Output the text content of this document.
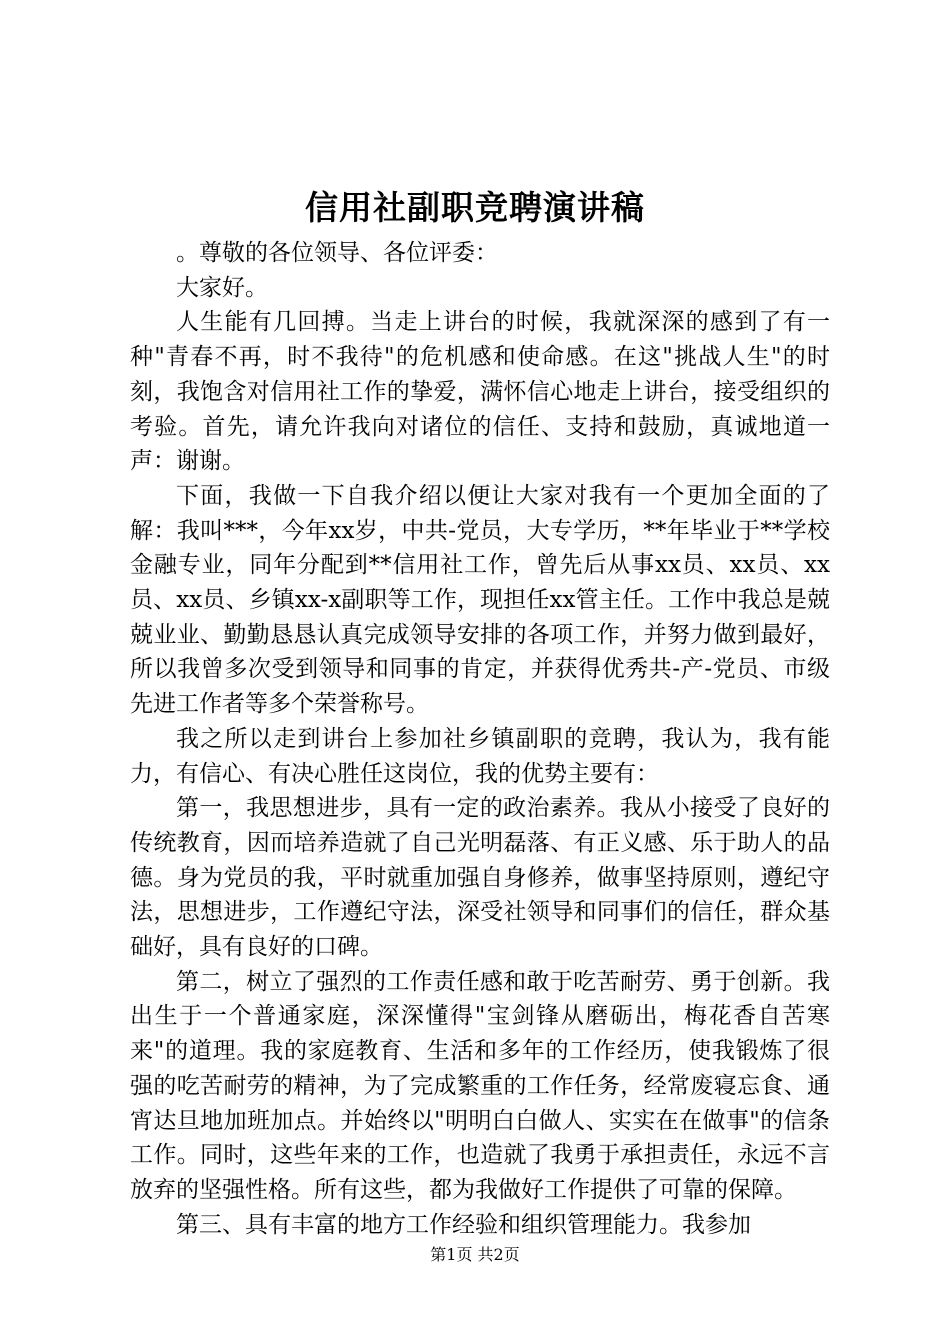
信用社副职竞聘演讲稿

。尊敬的各位领导、各位评委：

大家好。

人生能有几回搏。当走上讲台的时候，我就深深的感到了有一种"青春不再，时不我待"的危机感和使命感。在这"挑战人生"的时刻，我饱含对信用社工作的挚爱，满怀信心地走上讲台，接受组织的考验。首先，请允许我向对诸位的信任、支持和鼓励，真诚地道一声：谢谢。

下面，我做一下自我介绍以便让大家对我有一个更加全面的了解：我叫***，今年xx岁，中共-党员，大专学历，**年毕业于**学校金融专业，同年分配到**信用社工作，曾先后从事xx员、xx员、xx员、xx员、乡镇xx-x副职等工作，现担任xx管主任。工作中我总是兢兢业业、勤勤恳恳认真完成领导安排的各项工作，并努力做到最好，所以我曾多次受到领导和同事的肯定，并获得优秀共-产-党员、市级先进工作者等多个荣誉称号。

我之所以走到讲台上参加社乡镇副职的竞聘，我认为，我有能力，有信心、有决心胜任这岗位，我的优势主要有：

第一，我思想进步，具有一定的政治素养。我从小接受了良好的传统教育，因而培养造就了自己光明磊落、有正义感、乐于助人的品德。身为党员的我，平时就重加强自身修养，做事坚持原则，遵纪守法，思想进步，工作遵纪守法，深受社领导和同事们的信任，群众基础好，具有良好的口碑。

第二，树立了强烈的工作责任感和敢于吃苦耐劳、勇于创新。我出生于一个普通家庭，深深懂得"宝剑锋从磨砺出，梅花香自苦寒来"的道理。我的家庭教育、生活和多年的工作经历，使我锻炼了很强的吃苦耐劳的精神，为了完成繁重的工作任务，经常废寝忘食、通宵达旦地加班加点。并始终以"明明白白做人、实实在在做事"的信条工作。同时，这些年来的工作，也造就了我勇于承担责任，永远不言放弃的坚强性格。所有这些，都为我做好工作提供了可靠的保障。

第三、具有丰富的地方工作经验和组织管理能力。我参加

第1页 共2页
